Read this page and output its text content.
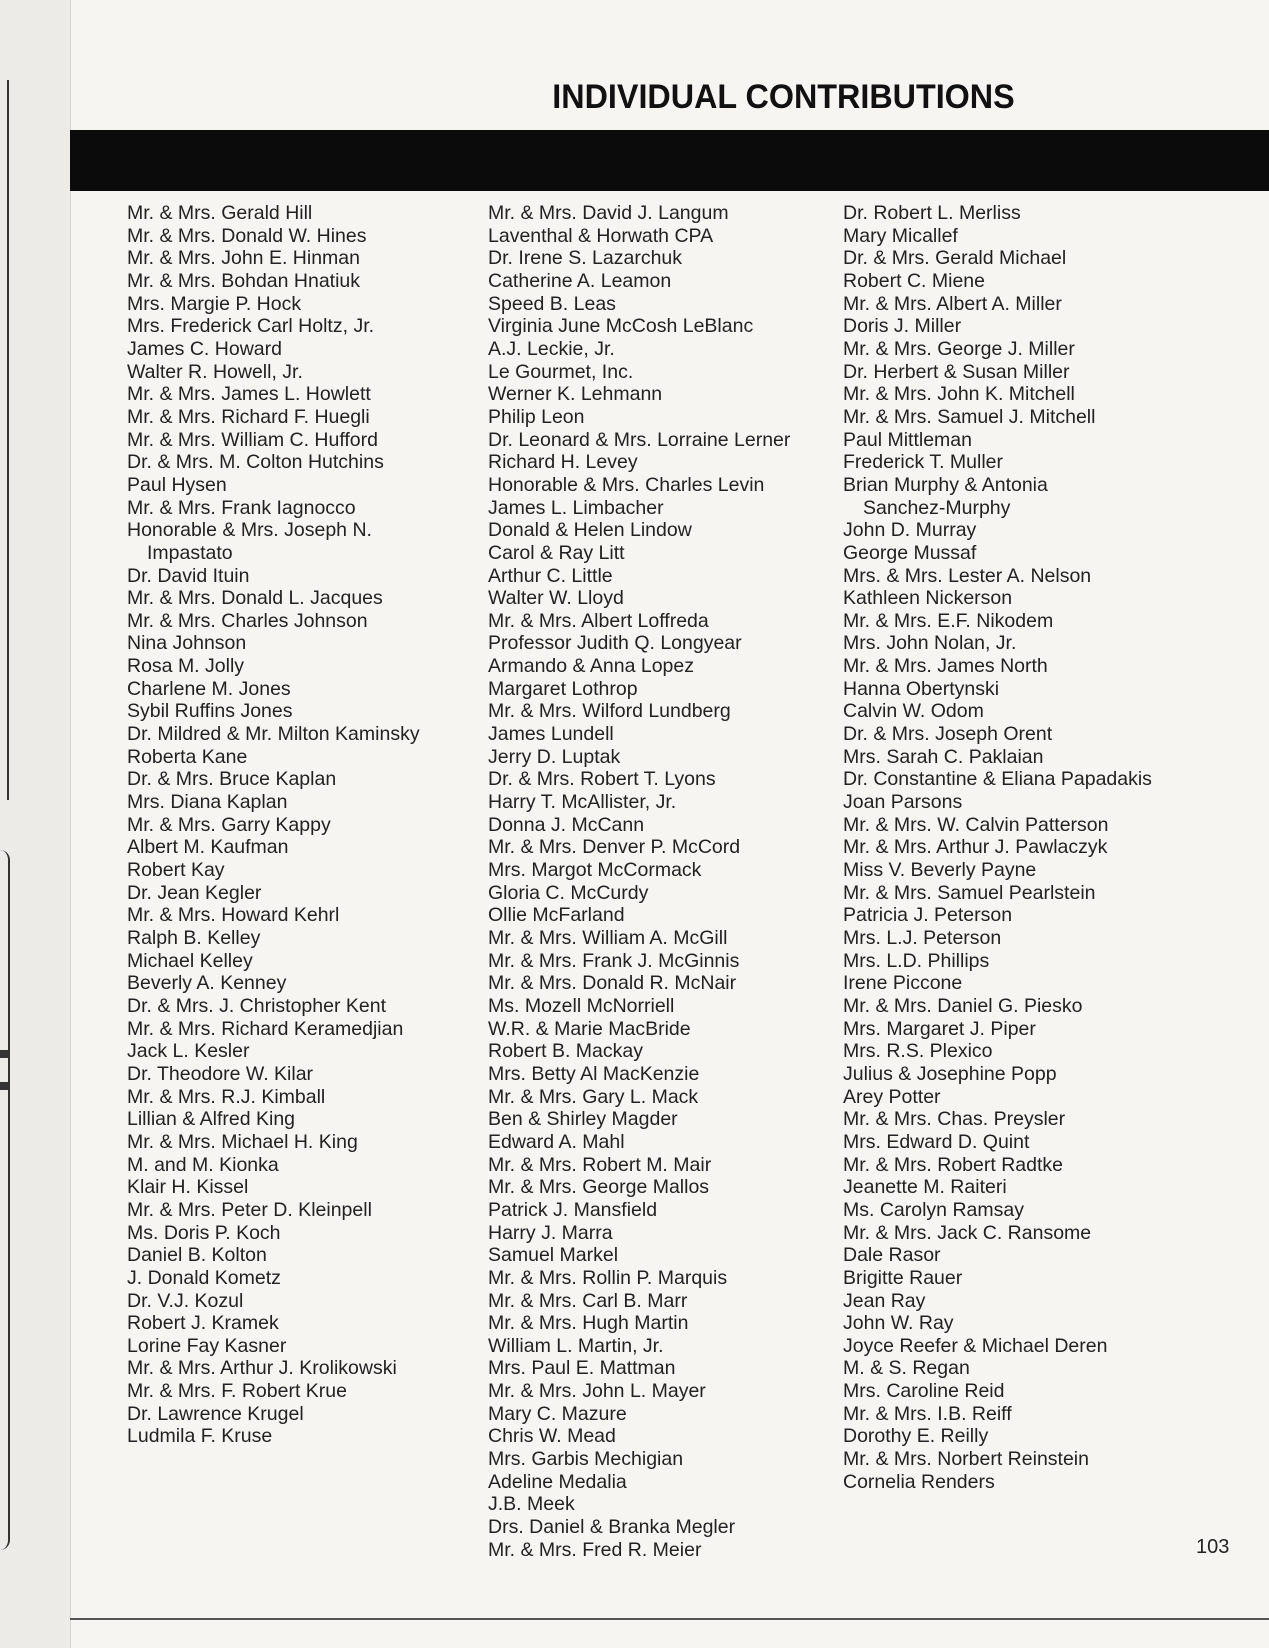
INDIVIDUAL CONTRIBUTIONS
Mr. & Mrs. Gerald Hill
Mr. & Mrs. Donald W. Hines
Mr. & Mrs. John E. Hinman
Mr. & Mrs. Bohdan Hnatiuk
Mrs. Margie P. Hock
Mrs. Frederick Carl Holtz, Jr.
James C. Howard
Walter R. Howell, Jr.
Mr. & Mrs. James L. Howlett
Mr. & Mrs. Richard F. Huegli
Mr. & Mrs. William C. Hufford
Dr. & Mrs. M. Colton Hutchins
Paul Hysen
Mr. & Mrs. Frank Iagnocco
Honorable & Mrs. Joseph N.
Impastato
Dr. David Ituin
Mr. & Mrs. Donald L. Jacques
Mr. & Mrs. Charles Johnson
Nina Johnson
Rosa M. Jolly
Charlene M. Jones
Sybil Ruffins Jones
Dr. Mildred & Mr. Milton Kaminsky
Roberta Kane
Dr. & Mrs. Bruce Kaplan
Mrs. Diana Kaplan
Mr. & Mrs. Garry Kappy
Albert M. Kaufman
Robert Kay
Dr. Jean Kegler
Mr. & Mrs. Howard Kehrl
Ralph B. Kelley
Michael Kelley
Beverly A. Kenney
Dr. & Mrs. J. Christopher Kent
Mr. & Mrs. Richard Keramedjian
Jack L. Kesler
Dr. Theodore W. Kilar
Mr. & Mrs. R.J. Kimball
Lillian & Alfred King
Mr. & Mrs. Michael H. King
M. and M. Kionka
Klair H. Kissel
Mr. & Mrs. Peter D. Kleinpell
Ms. Doris P. Koch
Daniel B. Kolton
J. Donald Kometz
Dr. V.J. Kozul
Robert J. Kramek
Lorine Fay Kasner
Mr. & Mrs. Arthur J. Krolikowski
Mr. & Mrs. F. Robert Krue
Dr. Lawrence Krugel
Ludmila F. Kruse
Mr. & Mrs. David J. Langum
Laventhal & Horwath CPA
Dr. Irene S. Lazarchuk
Catherine A. Leamon
Speed B. Leas
Virginia June McCosh LeBlanc
A.J. Leckie, Jr.
Le Gourmet, Inc.
Werner K. Lehmann
Philip Leon
Dr. Leonard & Mrs. Lorraine Lerner
Richard H. Levey
Honorable & Mrs. Charles Levin
James L. Limbacher
Donald & Helen Lindow
Carol & Ray Litt
Arthur C. Little
Walter W. Lloyd
Mr. & Mrs. Albert Loffreda
Professor Judith Q. Longyear
Armando & Anna Lopez
Margaret Lothrop
Mr. & Mrs. Wilford Lundberg
James Lundell
Jerry D. Luptak
Dr. & Mrs. Robert T. Lyons
Harry T. McAllister, Jr.
Donna J. McCann
Mr. & Mrs. Denver P. McCord
Mrs. Margot McCormack
Gloria C. McCurdy
Ollie McFarland
Mr. & Mrs. William A. McGill
Mr. & Mrs. Frank J. McGinnis
Mr. & Mrs. Donald R. McNair
Ms. Mozell McNorriell
W.R. & Marie MacBride
Robert B. Mackay
Mrs. Betty Al MacKenzie
Mr. & Mrs. Gary L. Mack
Ben & Shirley Magder
Edward A. Mahl
Mr. & Mrs. Robert M. Mair
Mr. & Mrs. George Mallos
Patrick J. Mansfield
Harry J. Marra
Samuel Markel
Mr. & Mrs. Rollin P. Marquis
Mr. & Mrs. Carl B. Marr
Mr. & Mrs. Hugh Martin
William L. Martin, Jr.
Mrs. Paul E. Mattman
Mr. & Mrs. John L. Mayer
Mary C. Mazure
Chris W. Mead
Mrs. Garbis Mechigian
Adeline Medalia
J.B. Meek
Drs. Daniel & Branka Megler
Mr. & Mrs. Fred R. Meier
Dr. Robert L. Merliss
Mary Micallef
Dr. & Mrs. Gerald Michael
Robert C. Miene
Mr. & Mrs. Albert A. Miller
Doris J. Miller
Mr. & Mrs. George J. Miller
Dr. Herbert & Susan Miller
Mr. & Mrs. John K. Mitchell
Mr. & Mrs. Samuel J. Mitchell
Paul Mittleman
Frederick T. Muller
Brian Murphy & Antonia
Sanchez-Murphy
John D. Murray
George Mussaf
Mrs. & Mrs. Lester A. Nelson
Kathleen Nickerson
Mr. & Mrs. E.F. Nikodem
Mrs. John Nolan, Jr.
Mr. & Mrs. James North
Hanna Obertynski
Calvin W. Odom
Dr. & Mrs. Joseph Orent
Mrs. Sarah C. Paklaian
Dr. Constantine & Eliana Papadakis
Joan Parsons
Mr. & Mrs. W. Calvin Patterson
Mr. & Mrs. Arthur J. Pawlaczyk
Miss V. Beverly Payne
Mr. & Mrs. Samuel Pearlstein
Patricia J. Peterson
Mrs. L.J. Peterson
Mrs. L.D. Phillips
Irene Piccone
Mr. & Mrs. Daniel G. Piesko
Mrs. Margaret J. Piper
Mrs. R.S. Plexico
Julius & Josephine Popp
Arey Potter
Mr. & Mrs. Chas. Preysler
Mrs. Edward D. Quint
Mr. & Mrs. Robert Radtke
Jeanette M. Raiteri
Ms. Carolyn Ramsay
Mr. & Mrs. Jack C. Ransome
Dale Rasor
Brigitte Rauer
Jean Ray
John W. Ray
Joyce Reefer & Michael Deren
M. & S. Regan
Mrs. Caroline Reid
Mr. & Mrs. I.B. Reiff
Dorothy E. Reilly
Mr. & Mrs. Norbert Reinstein
Cornelia Renders
103
